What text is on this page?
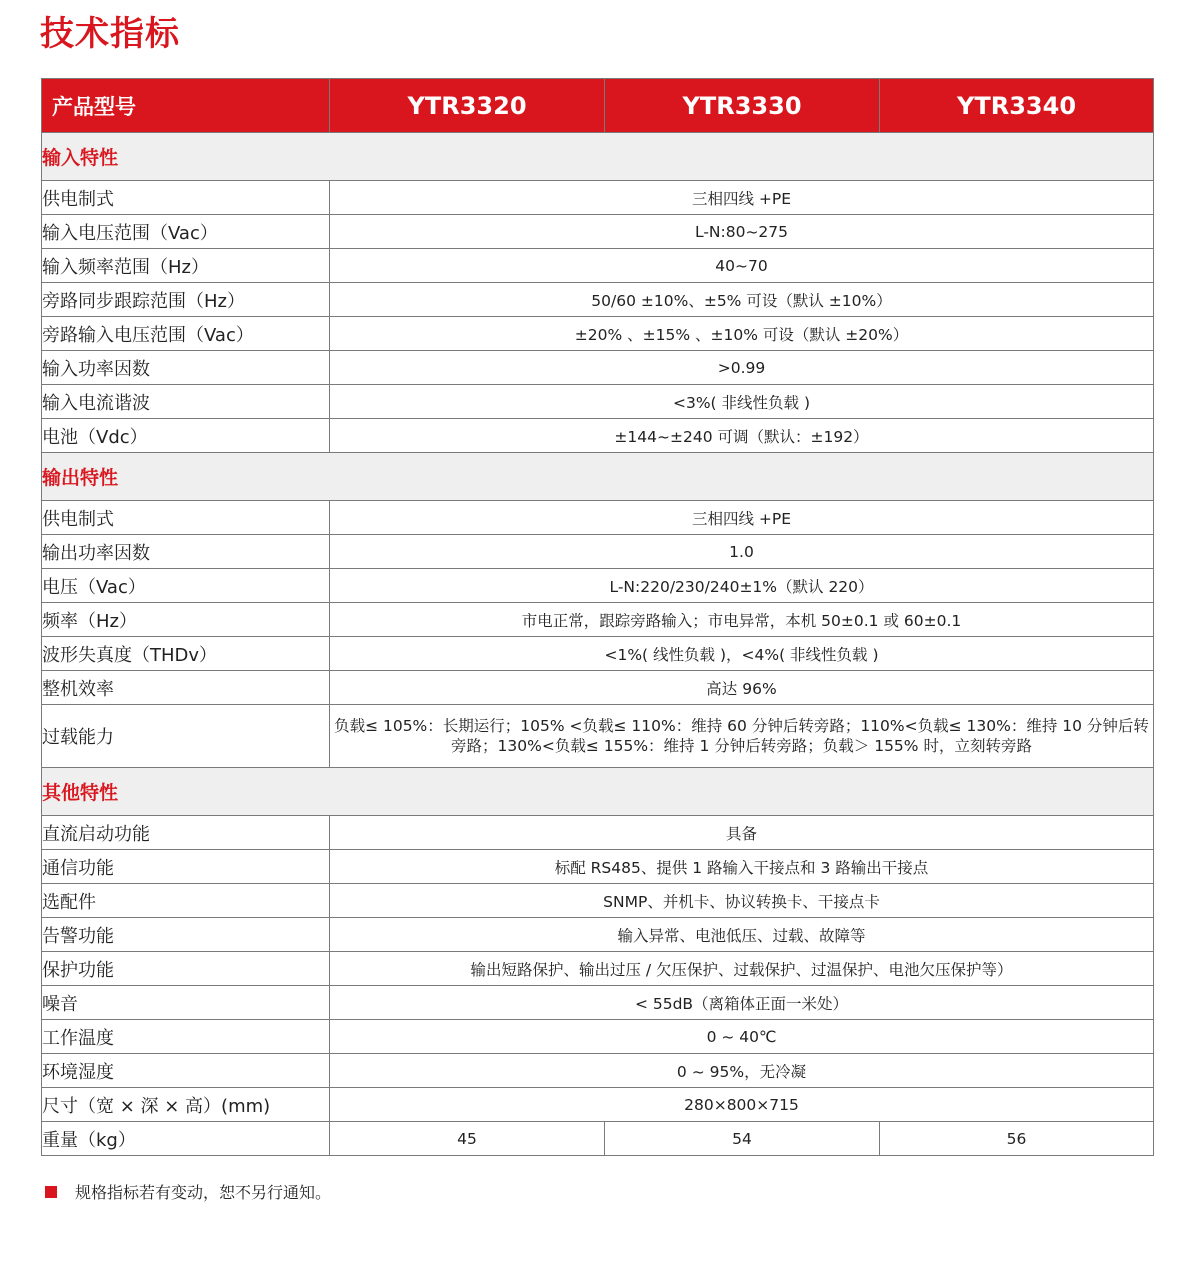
技术指标
产品型号	YTR3320	YTR3330	YTR3340
输入特性			
供电制式	三相四线 +PE		
输入电压范围（Vac）	L-N:80~275		
输入频率范围（Hz）	40~70		
旁路同步跟踪范围（Hz）	50/60 ±10%、±5% 可设（默认 ±10%）		
旁路输入电压范围（Vac）	±20% 、±15% 、±10% 可设（默认 ±20%）		
输入功率因数	>0.99		
输入电流谐波	<3%( 非线性负载 )		
电池（Vdc）	±144~±240 可调（默认：±192）		
输出特性			
供电制式	三相四线 +PE		
输出功率因数	1.0		
电压（Vac）	L-N:220/230/240±1%（默认 220）		
频率（Hz）	市电正常，跟踪旁路输入；市电异常，本机 50±0.1 或 60±0.1		
波形失真度（THDv）	<1%( 线性负载 )，<4%( 非线性负载 )		
整机效率	高达 96%		
过载能力	负载≤ 105%：长期运行；105% <负载≤ 110%：维持 60 分钟后转旁路；110%<负载≤ 130%：维持 10 分钟后转旁路；130%<负载≤ 155%：维持 1 分钟后转旁路；负载＞ 155% 时，立刻转旁路		
其他特性			
直流启动功能	具备		
通信功能	标配 RS485、提供 1 路输入干接点和 3 路输出干接点		
选配件	SNMP、并机卡、协议转换卡、干接点卡		
告警功能	输入异常、电池低压、过载、故障等		
保护功能	输出短路保护、输出过压 / 欠压保护、过载保护、过温保护、电池欠压保护等）		
噪音	< 55dB（离箱体正面一米处）		
工作温度	0 ~ 40℃		
环境湿度	0 ~ 95%，无冷凝		
尺寸（宽 × 深 × 高）(mm)	280×800×715		
重量（kg）	45	54	56
规格指标若有变动，恕不另行通知。
